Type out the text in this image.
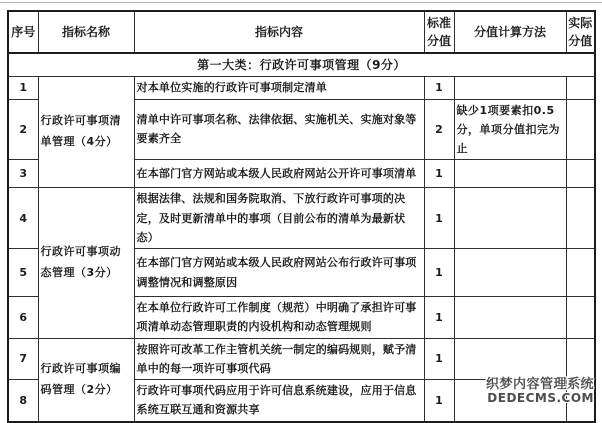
序号	指标名称	指标内容	标准分值	分值计算方法	实际分值
第一大类：行政许可事项管理（9分）					
1	行政许可事项清单管理（4分）	对本单位实施的行政许可事项制定清单	1		
2		清单中许可事项名称、法律依据、实施机关、实施对象等要素齐全	2	缺少1项要素扣0.5分，单项分值扣完为止	
3		在本部门官方网站或本级人民政府网站公开许可事项清单	1		
4	行政许可事项动态管理（3分）	根据法律、法规和国务院取消、下放行政许可事项的决定，及时更新清单中的事项（目前公布的清单为最新状态）	1		
5		在本部门官方网站或本级人民政府网站公布行政许可事项调整情况和调整原因	1		
6		在本单位行政许可工作制度（规范）中明确了承担许可事项清单动态管理职责的内设机构和动态管理规则	1		
7	行政许可事项编码管理（2分）	按照许可改革工作主管机关统一制定的编码规则，赋予清单中的每一项许可事项代码	1		
8		行政许可事项代码应用于许可信息系统建设，应用于信息系统互联互通和资源共享	1		
织梦内容管理系统
DEDECMS.COM
